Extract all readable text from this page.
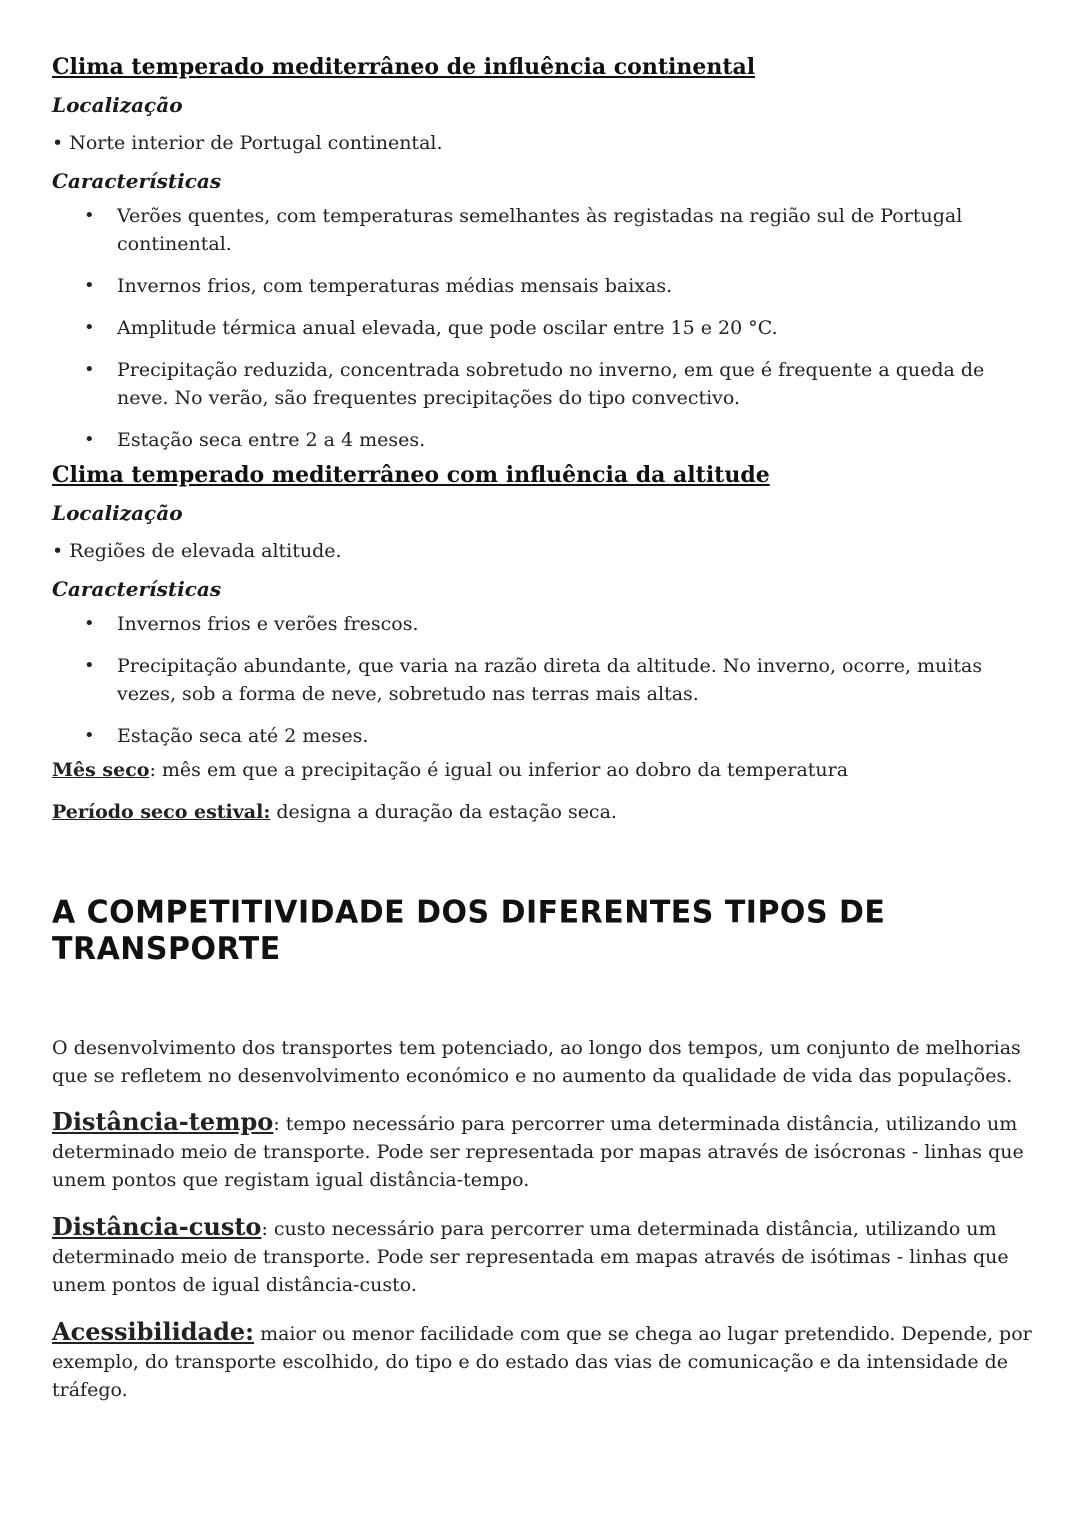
Clima temperado mediterrâneo de influência continental

Localização

• Norte interior de Portugal continental.

Características

• Verões quentes, com temperaturas semelhantes às registadas na região sul de Portugal continental.
• Invernos frios, com temperaturas médias mensais baixas.
• Amplitude térmica anual elevada, que pode oscilar entre 15 e 20 °C.
• Precipitação reduzida, concentrada sobretudo no inverno, em que é frequente a queda de neve. No verão, são frequentes precipitações do tipo convectivo.
• Estação seca entre 2 a 4 meses.
Clima temperado mediterrâneo com influência da altitude

Localização

• Regiões de elevada altitude.

Características

• Invernos frios e verões frescos.
• Precipitação abundante, que varia na razão direta da altitude. No inverno, ocorre, muitas vezes, sob a forma de neve, sobretudo nas terras mais altas.
• Estação seca até 2 meses.

Mês seco: mês em que a precipitação é igual ou inferior ao dobro da temperatura

Período seco estival: designa a duração da estação seca.

A COMPETITIVIDADE DOS DIFERENTES TIPOS DE TRANSPORTE

O desenvolvimento dos transportes tem potenciado, ao longo dos tempos, um conjunto de melhorias que se refletem no desenvolvimento económico e no aumento da qualidade de vida das populações.

Distância-tempo: tempo necessário para percorrer uma determinada distância, utilizando um determinado meio de transporte. Pode ser representada por mapas através de isócronas - linhas que unem pontos que registam igual distância-tempo.

Distância-custo: custo necessário para percorrer uma determinada distância, utilizando um determinado meio de transporte. Pode ser representada em mapas através de isótimas - linhas que unem pontos de igual distância-custo.

Acessibilidade: maior ou menor facilidade com que se chega ao lugar pretendido. Depende, por exemplo, do transporte escolhido, do tipo e do estado das vias de comunicação e da intensidade de tráfego.
